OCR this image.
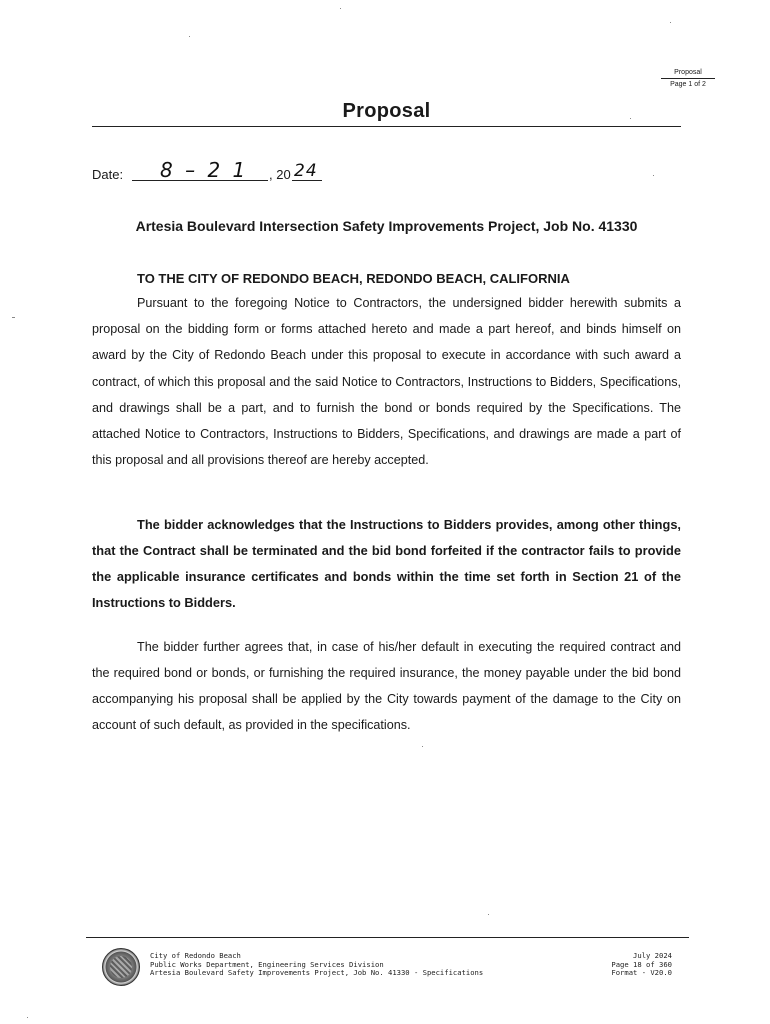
Proposal
Page 1 of 2
Proposal
Date: 8 – 2 1 , 20 24
Artesia Boulevard Intersection Safety Improvements Project, Job No. 41330
TO THE CITY OF REDONDO BEACH, REDONDO BEACH, CALIFORNIA
Pursuant to the foregoing Notice to Contractors, the undersigned bidder herewith submits a proposal on the bidding form or forms attached hereto and made a part hereof, and binds himself on award by the City of Redondo Beach under this proposal to execute in accordance with such award a contract, of which this proposal and the said Notice to Contractors, Instructions to Bidders, Specifications, and drawings shall be a part, and to furnish the bond or bonds required by the Specifications. The attached Notice to Contractors, Instructions to Bidders, Specifications, and drawings are made a part of this proposal and all provisions thereof are hereby accepted.
The bidder acknowledges that the Instructions to Bidders provides, among other things, that the Contract shall be terminated and the bid bond forfeited if the contractor fails to provide the applicable insurance certificates and bonds within the time set forth in Section 21 of the Instructions to Bidders.
The bidder further agrees that, in case of his/her default in executing the required contract and the required bond or bonds, or furnishing the required insurance, the money payable under the bid bond accompanying his proposal shall be applied by the City towards payment of the damage to the City on account of such default, as provided in the specifications.
City of Redondo Beach
Public Works Department, Engineering Services Division
Artesia Boulevard Safety Improvements Project, Job No. 41330 - Specifications
July 2024
Page 18 of 360
Format - V20.0
